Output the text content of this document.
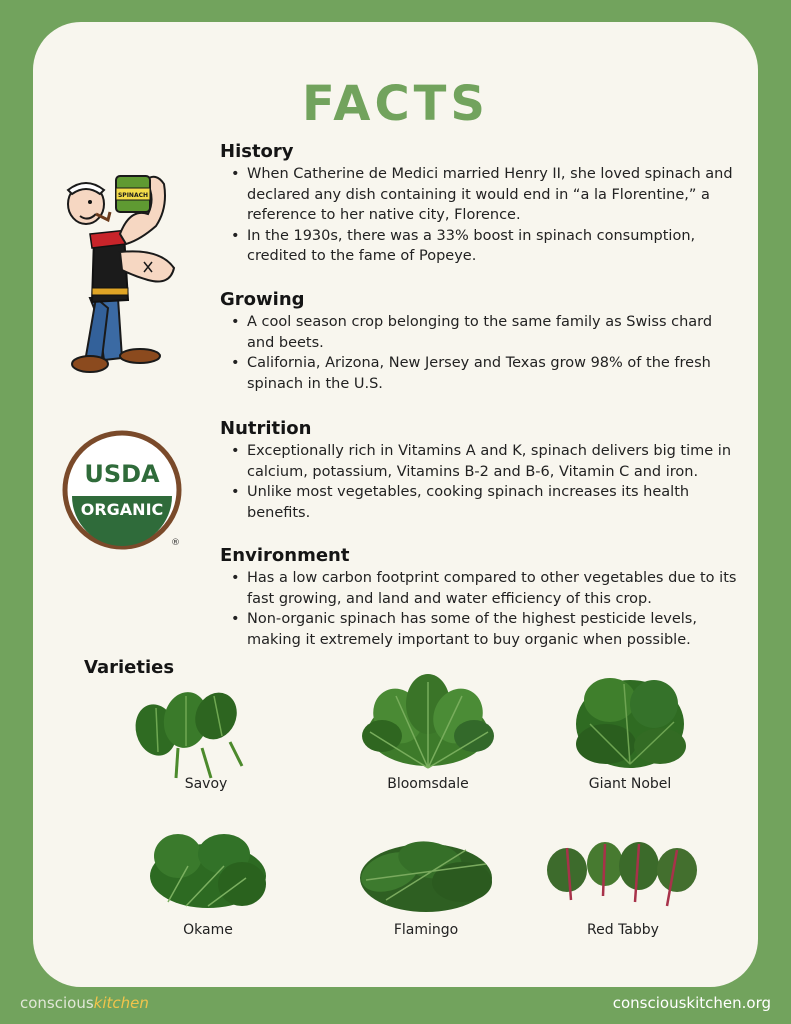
FACTS
SPINACH
USDA
ORGANIC
®
History
• When Catherine de Medici married Henry II, she loved spinach and declared any dish containing it would end in “a la Florentine,” a reference to her native city, Florence.
• In the 1930s, there was a 33% boost in spinach consumption, credited to the fame of Popeye.
Growing
• A cool season crop belonging to the same family as Swiss chard and beets.
• California, Arizona, New Jersey and Texas grow 98% of the fresh spinach in the U.S.
Nutrition
• Exceptionally rich in Vitamins A and K, spinach delivers big time in calcium, potassium, Vitamins B-2 and B-6, Vitamin C and iron.
• Unlike most vegetables, cooking spinach increases its health benefits.
Environment
• Has a low carbon footprint compared to other vegetables due to its fast growing, and land and water efficiency of this crop.
• Non-organic spinach has some of the highest pesticide levels, making it extremely important to buy organic when possible.
Varieties
Savoy	Bloomsdale	Giant Nobel
Okame	Flamingo	Red Tabby
consciouskitchen	consciouskitchen.org
